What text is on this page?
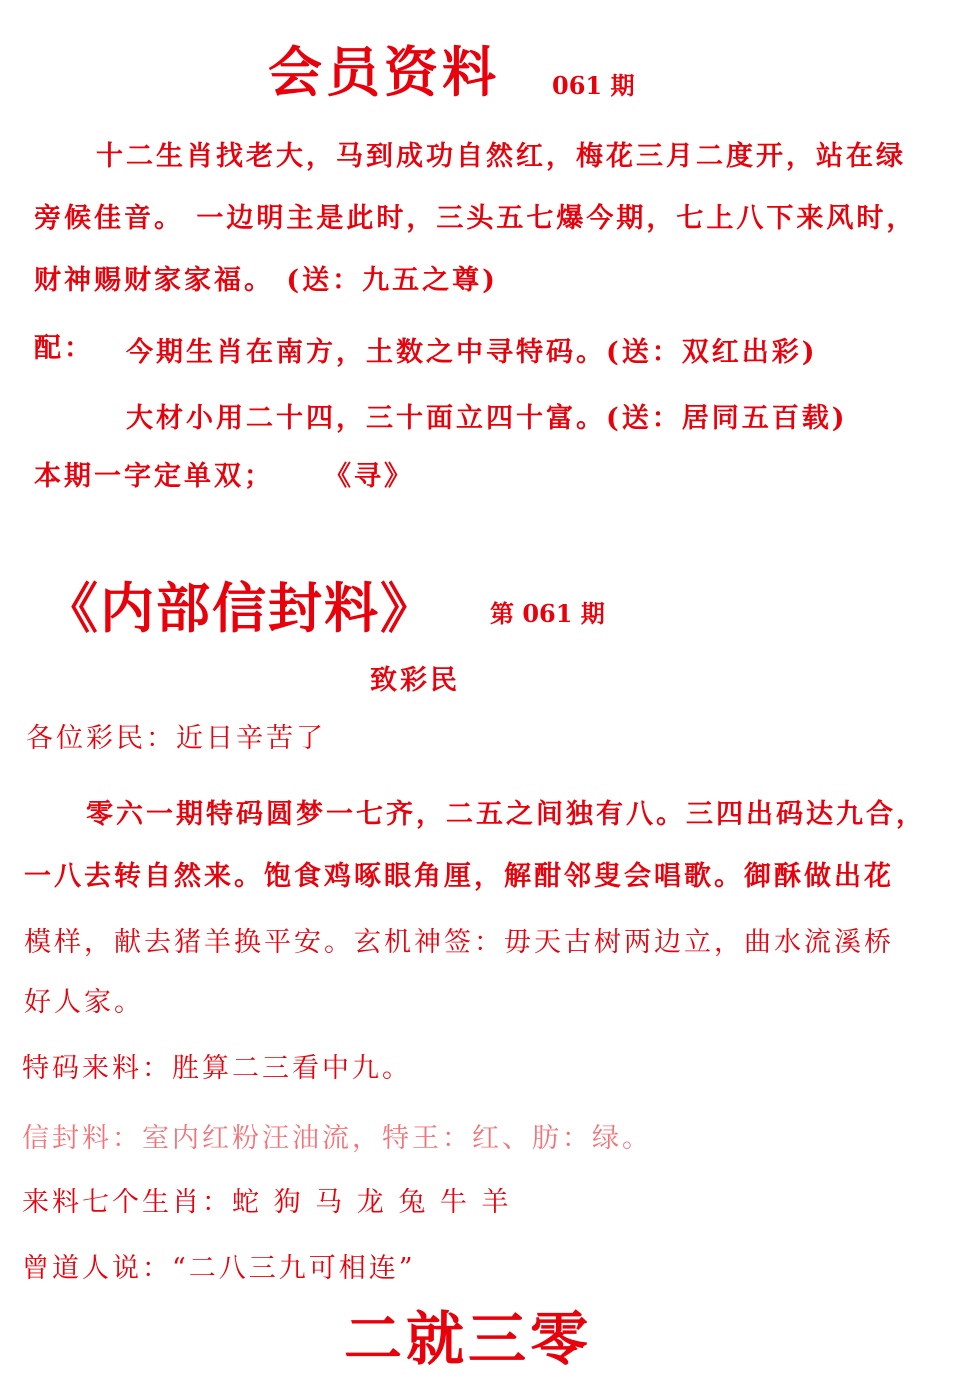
会员资料 061 期
十二生肖找老大，马到成功自然红，梅花三月二度开，站在绿
旁候佳音。 一边明主是此时，三头五七爆今期，七上八下来风时，
财神赐财家家福。 (送：九五之尊)
配： 今期生肖在南方，土数之中寻特码。(送：双红出彩)
大材小用二十四，三十面立四十富。(送：居同五百载)
本期一字定单双； 《寻》
《内部信封料》 第 061 期
致彩民
各位彩民：近日辛苦了
零六一期特码圆梦一七齐，二五之间独有八。三四出码达九合，
一八去转自然来。饱食鸡啄眼角厘，解酣邻叟会唱歌。御酥做出花
模样，献去猪羊换平安。玄机神签：毋天古树两边立，曲水流溪桥
好人家。
特码来料：胜算二三看中九。
信封料：室内红粉汪油流，特王：红、肪：绿。
来料七个生肖：蛇 狗 马 龙 兔 牛 羊
曾道人说：“二八三九可相连”
二就三零
